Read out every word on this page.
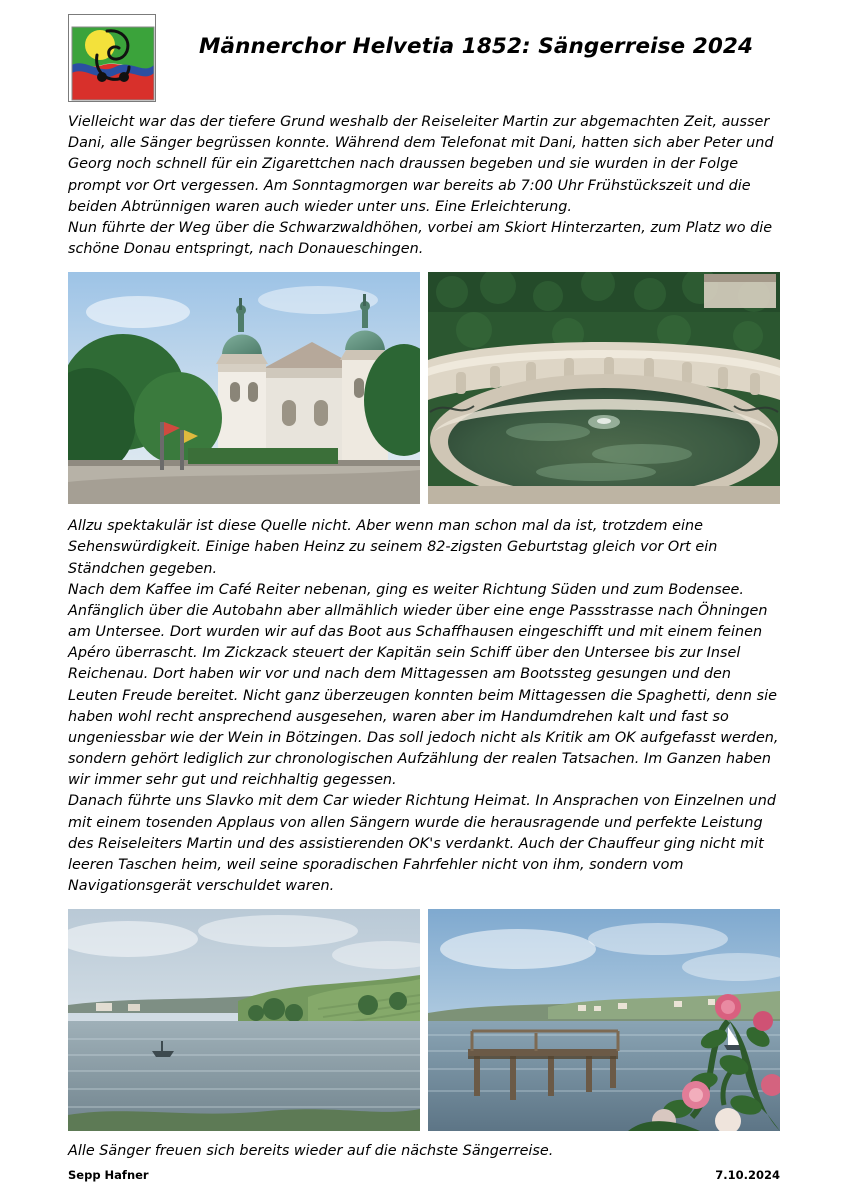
Männerchor Helvetia 1852: Sängerreise 2024

Vielleicht war das der tiefere Grund weshalb der Reiseleiter Martin zur abgemachten Zeit, ausser Dani, alle Sänger begrüssen konnte. Während dem Telefonat mit Dani, hatten sich aber Peter und Georg noch schnell für ein Zigarettchen nach draussen begeben und sie wurden in der Folge prompt vor Ort vergessen. Am Sonntagmorgen war bereits ab 7:00 Uhr Frühstückszeit und die beiden Abtrünnigen waren auch wieder unter uns. Eine Erleichterung.

Nun führte der Weg über die Schwarzwaldhöhen, vorbei am Skiort Hinterzarten, zum Platz wo die schöne Donau entspringt, nach Donaueschingen.

Allzu spektakulär ist diese Quelle nicht. Aber wenn man schon mal da ist, trotzdem eine Sehenswürdigkeit. Einige haben Heinz zu seinem 82-zigsten Geburtstag gleich vor Ort ein Ständchen gegeben.

Nach dem Kaffee im Café Reiter nebenan, ging es weiter Richtung Süden und zum Bodensee. Anfänglich über die Autobahn aber allmählich wieder über eine enge Passstrasse nach Öhningen am Untersee. Dort wurden wir auf das Boot aus Schaffhausen eingeschifft und mit einem feinen Apéro überrascht. Im Zickzack steuert der Kapitän sein Schiff über den Untersee bis zur Insel Reichenau. Dort haben wir vor und nach dem Mittagessen am Bootssteg gesungen und den Leuten Freude bereitet. Nicht ganz überzeugen konnten beim Mittagessen die Spaghetti, denn sie haben wohl recht ansprechend ausgesehen, waren aber im Handumdrehen kalt und fast so ungeniessbar wie der Wein in Bötzingen. Das soll jedoch nicht als Kritik am OK aufgefasst werden, sondern gehört lediglich zur chronologischen Aufzählung der realen Tatsachen. Im Ganzen haben wir immer sehr gut und reichhaltig gegessen.

Danach führte uns Slavko mit dem Car wieder Richtung Heimat. In Ansprachen von Einzelnen und mit einem tosenden Applaus von allen Sängern wurde die herausragende und perfekte Leistung des Reiseleiters Martin und des assistierenden OK's verdankt. Auch der Chauffeur ging nicht mit leeren Taschen heim, weil seine sporadischen Fahrfehler nicht von ihm, sondern vom Navigationsgerät verschuldet waren.

Alle Sänger freuen sich bereits wieder auf die nächste Sängerreise.

Sepp Hafner	7.10.2024
